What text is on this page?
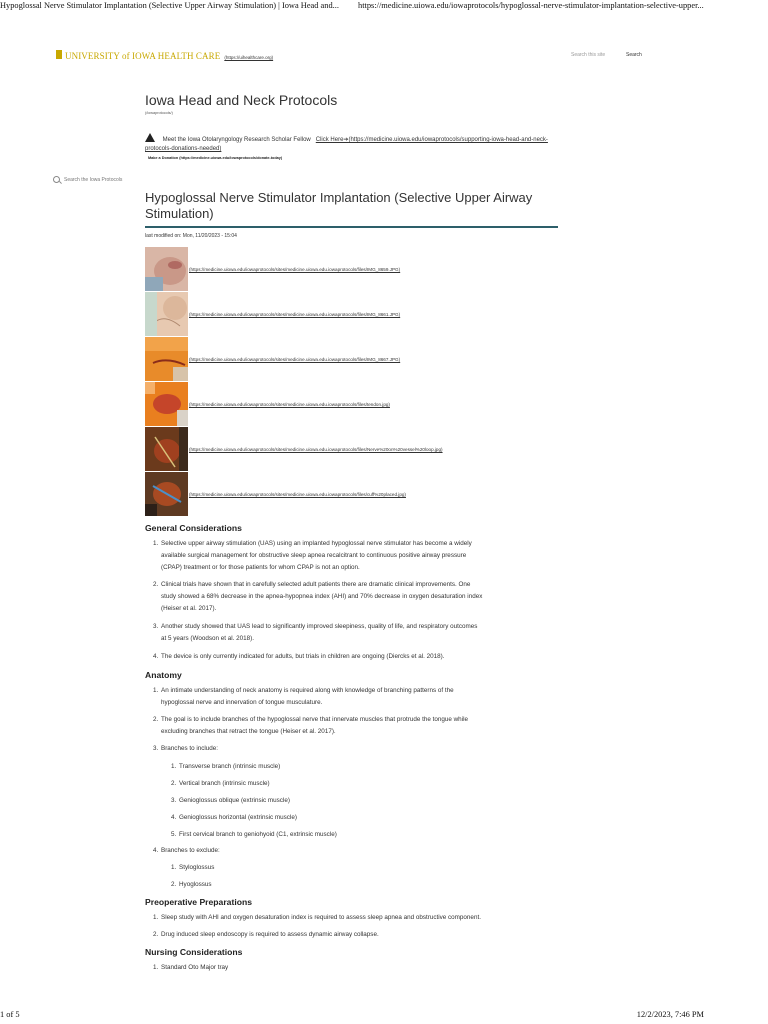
Hypoglossal Nerve Stimulator Implantation (Selective Upper Airway Stimulation) | Iowa Head and... https://medicine.uiowa.edu/iowaprotocols/hypoglossal-nerve-stimulator-implantation-selective-upper...
UNIVERSITY of IOWA HEALTH CARE (https://uihealthcare.org)	Search this site	Search
Iowa Head and Neck Protocols
(/iowaprotocols/)
Meet the Iowa Otolaryngology Research Scholar Fellow Click Here➔(https://medicine.uiowa.edu/iowaprotocols/supporting-iowa-head-and-neck-protocols-donations-needed)
Make a Donation (https://medicine.uiowa.edu/iowaprotocols/donate-today)
Search the Iowa Protocols
Hypoglossal Nerve Stimulator Implantation (Selective Upper Airway Stimulation)
last modified on: Mon, 11/20/2023 - 15:04
(https://medicine.uiowa.edu/iowaprotocols/sites/medicine.uiowa.edu.iowaprotocols/files/IMG_8659.JPG)
(https://medicine.uiowa.edu/iowaprotocols/sites/medicine.uiowa.edu.iowaprotocols/files/IMG_8661.JPG)
(https://medicine.uiowa.edu/iowaprotocols/sites/medicine.uiowa.edu.iowaprotocols/files/IMG_8667.JPG)
(https://medicine.uiowa.edu/iowaprotocols/sites/medicine.uiowa.edu.iowaprotocols/files/tendon.jpg)
(https://medicine.uiowa.edu/iowaprotocols/sites/medicine.uiowa.edu.iowaprotocols/files/Nerve%20on%20vessel%20loop.jpg)
(https://medicine.uiowa.edu/iowaprotocols/sites/medicine.uiowa.edu.iowaprotocols/files/cuff%20placed.jpg)
General Considerations
1. Selective upper airway stimulation (UAS) using an implanted hypoglossal nerve stimulator has become a widely
available surgical management for obstructive sleep apnea recalcitrant to continuous positive airway pressure
(CPAP) treatment or for those patients for whom CPAP is not an option.
2. Clinical trials have shown that in carefully selected adult patients there are dramatic clinical improvements. One
study showed a 68% decrease in the apnea-hypopnea index (AHI) and 70% decrease in oxygen desaturation index
(Heiser et al. 2017).
3. Another study showed that UAS lead to significantly improved sleepiness, quality of life, and respiratory outcomes
at 5 years (Woodson et al. 2018).
4. The device is only currently indicated for adults, but trials in children are ongoing (Diercks et al. 2018).
Anatomy
1. An intimate understanding of neck anatomy is required along with knowledge of branching patterns of the
hypoglossal nerve and innervation of tongue musculature.
2. The goal is to include branches of the hypoglossal nerve that innervate muscles that protrude the tongue while
excluding branches that retract the tongue (Heiser et al. 2017).
3. Branches to include:
1. Transverse branch (intrinsic muscle)
2. Vertical branch (intrinsic muscle)
3. Genioglossus oblique (extrinsic muscle)
4. Genioglossus horizontal (extrinsic muscle)
5. First cervical branch to geniohyoid (C1, extrinsic muscle)
4. Branches to exclude:
1. Styloglossus
2. Hyoglossus
Preoperative Preparations
1. Sleep study with AHI and oxygen desaturation index is required to assess sleep apnea and obstructive component.
2. Drug induced sleep endoscopy is required to assess dynamic airway collapse.
Nursing Considerations
1. Standard Oto Major tray
1 of 5	12/2/2023, 7:46 PM
